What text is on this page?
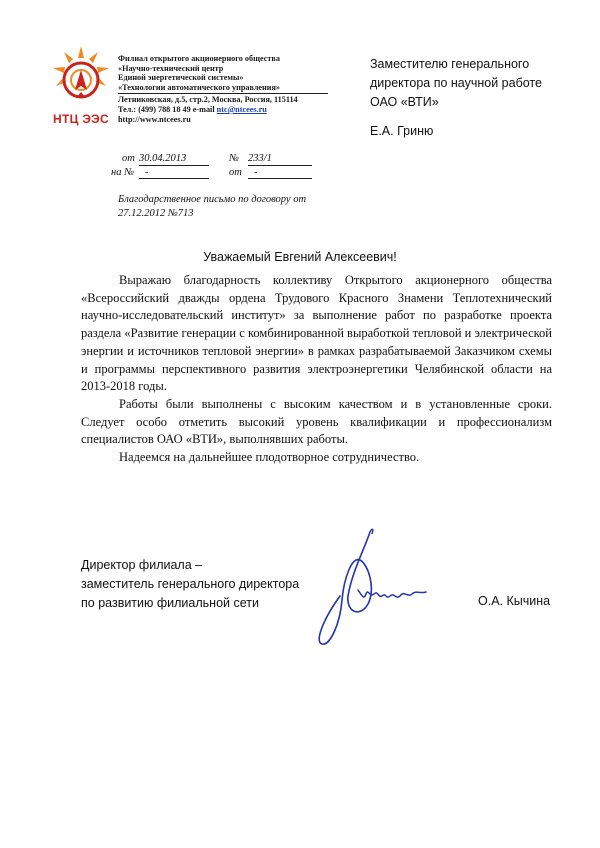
НТЦ ЭЭС
Филиал открытого акционерного общества
«Научно-технический центр
Единой энергетической системы»
«Технологии автоматического управления»
Летниковская, д.5, стр.2, Москва, Россия, 115114
Тел.: (499) 788 18 49 e-mail ntc@ntcees.ru
http://www.ntcees.ru
Заместителю генерального
директора по научной работе
ОАО «ВТИ»
Е.А. Гриню
от 30.04.2013	№ 233/1
на №	-	от	-
Благодарственное письмо по договору от 27.12.2012 №713
Уважаемый Евгений Алексеевич!

Выражаю благодарность коллективу Открытого акционерного общества «Всероссийский дважды ордена Трудового Красного Знамени Теплотехнический научно-исследовательский институт» за выполнение работ по разработке проекта раздела «Развитие генерации с комбинированной выработкой тепловой и электрической энергии и источников тепловой энергии» в рамках разрабатываемой Заказчиком схемы и программы перспективного развития электроэнергетики Челябинской области на 2013-2018 годы.

Работы были выполнены с высоким качеством и в установленные сроки. Следует особо отметить высокий уровень квалификации и профессионализм специалистов ОАО «ВТИ», выполнявших работы.

Надеемся на дальнейшее плодотворное сотрудничество.

Директор филиала –
заместитель генерального директора
по развитию филиальной сети	О.А. Кычина
